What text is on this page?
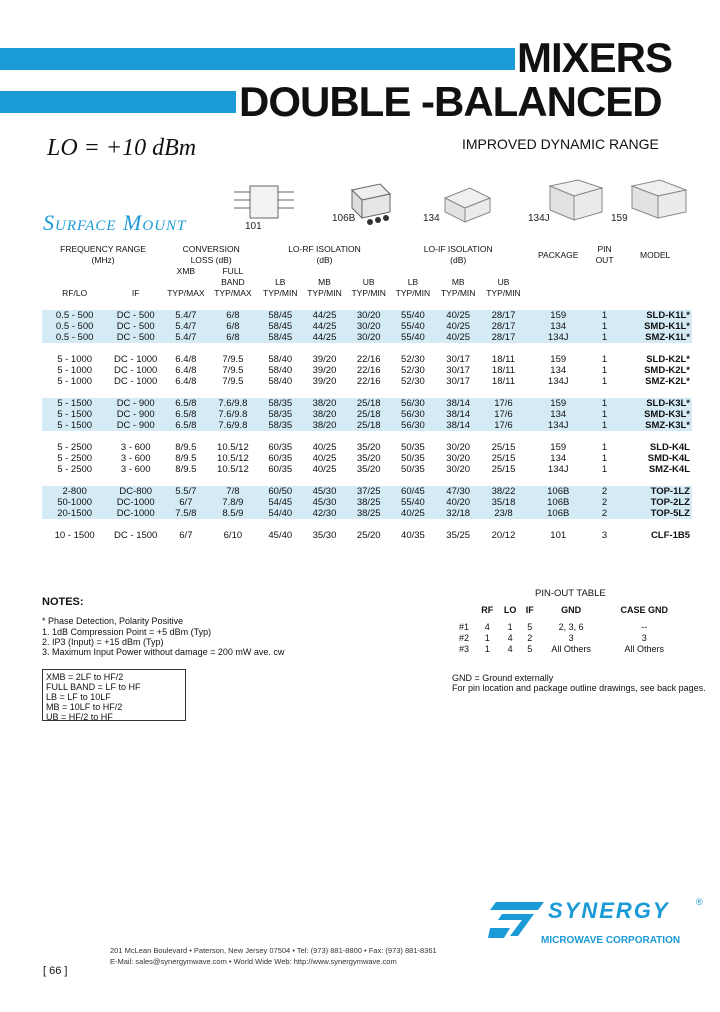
MIXERS
DOUBLE -BALANCED
LO = +10 dBm	IMPROVED DYNAMIC RANGE
Surface Mount	101
106B	134	134J	159
FREQUENCY RANGE		CONVERSION		LO-RF ISOLATION			LO-IF ISOLATION			PACKAGE	PIN	MODEL
(MHz)		LOSS (dB)		(dB)			(dB)				OUT	
		XMB	FULL									
			BAND	LB	MB	UB	LB	MB	UB			
RF/LO	IF	TYP/MAX	TYP/MAX	TYP/MIN	TYP/MIN	TYP/MIN	TYP/MIN	TYP/MIN	TYP/MIN			

0.5 - 500	DC - 500	5.4/7	6/8	58/45	44/25	30/20	55/40	40/25	28/17	159	1	SLD-K1L*
0.5 - 500	DC - 500	5.4/7	6/8	58/45	44/25	30/20	55/40	40/25	28/17	134	1	SMD-K1L*
0.5 - 500	DC - 500	5.4/7	6/8	58/45	44/25	30/20	55/40	40/25	28/17	134J	1	SMZ-K1L*

5 - 1000	DC - 1000	6.4/8	7/9.5	58/40	39/20	22/16	52/30	30/17	18/11	159	1	SLD-K2L*
5 - 1000	DC - 1000	6.4/8	7/9.5	58/40	39/20	22/16	52/30	30/17	18/11	134	1	SMD-K2L*
5 - 1000	DC - 1000	6.4/8	7/9.5	58/40	39/20	22/16	52/30	30/17	18/11	134J	1	SMZ-K2L*

5 - 1500	DC - 900	6.5/8	7.6/9.8	58/35	38/20	25/18	56/30	38/14	17/6	159	1	SLD-K3L*
5 - 1500	DC - 900	6.5/8	7.6/9.8	58/35	38/20	25/18	56/30	38/14	17/6	134	1	SMD-K3L*
5 - 1500	DC - 900	6.5/8	7.6/9.8	58/35	38/20	25/18	56/30	38/14	17/6	134J	1	SMZ-K3L*

5 - 2500	3 - 600	8/9.5	10.5/12	60/35	40/25	35/20	50/35	30/20	25/15	159	1	SLD-K4L
5 - 2500	3 - 600	8/9.5	10.5/12	60/35	40/25	35/20	50/35	30/20	25/15	134	1	SMD-K4L
5 - 2500	3 - 600	8/9.5	10.5/12	60/35	40/25	35/20	50/35	30/20	25/15	134J	1	SMZ-K4L

2-800	DC-800	5.5/7	7/8	60/50	45/30	37/25	60/45	47/30	38/22	106B	2	TOP-1LZ
50-1000	DC-1000	6/7	7.8/9	54/45	45/30	38/25	55/40	40/20	35/18	106B	2	TOP-2LZ
20-1500	DC-1000	7.5/8	8.5/9	54/40	42/30	38/25	40/25	32/18	23/8	106B	2	TOP-5LZ

10 - 1500	DC - 1500	6/7	6/10	45/40	35/30	25/20	40/35	35/25	20/12	101	3	CLF-1B5
NOTES:
* Phase Detection, Polarity Positive
1. 1dB Compression Point = +5 dBm (Typ)
2. IP3 (Input) = +15 dBm (Typ)
3. Maximum Input Power without damage = 200 mW ave. cw
XMB = 2LF to HF/2
FULL BAND = LF to HF
LB = LF to 10LF
MB = 10LF to HF/2
UB = HF/2 to HF
PIN-OUT TABLE
	RF	LO	IF	GND	CASE GND
#1	4	1	5	2, 3, 6	--
#2	1	4	2	3	3
#3	1	4	5	All Others	All Others
GND = Ground externally
For pin location and package outline drawings, see back pages.
SYNERGY	®
MICROWAVE CORPORATION
201 McLean Boulevard • Paterson, New Jersey 07504 • Tel: (973) 881-8800 • Fax: (973) 881-8361
E-Mail: sales@synergymwave.com • World Wide Web: http://www.synergymwave.com
[ 66 ]
